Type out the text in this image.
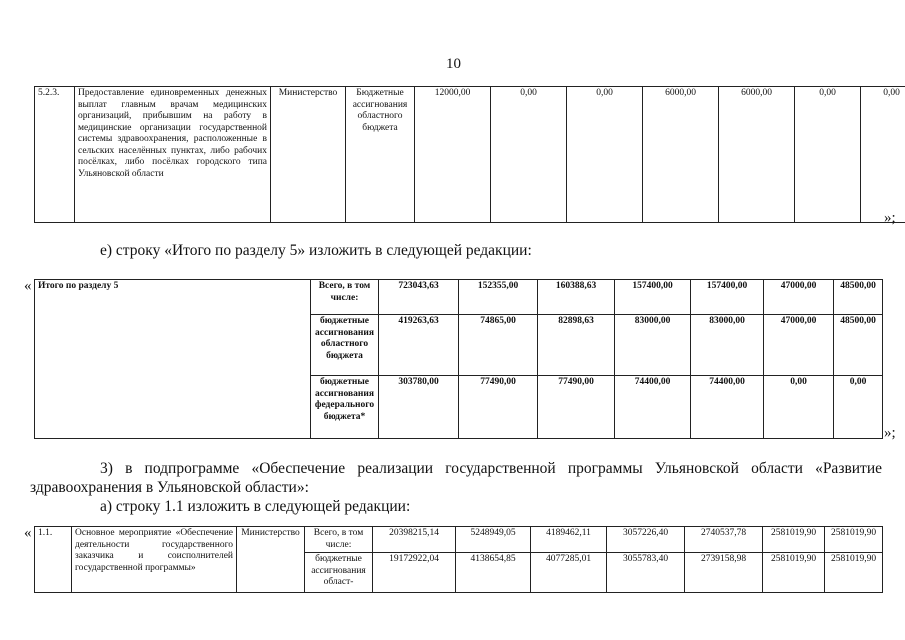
10
5.2.3.	Предоставление единовременных денежных выплат главным врачам медицинских организаций, прибывшим на работу в медицинские организации государственной системы здравоохранения, расположенные в сельских населённых пунктах, либо рабочих посёлках, либо посёлках городского типа Ульяновской области	Министерство	Бюджетные ассигнования областного бюджета	12000,00	0,00	0,00	6000,00	6000,00	0,00	0,00
»;
е) строку «Итого по разделу 5» изложить в следующей редакции:
« Итого по разделу 5	Всего, в том числе:	723043,63	152355,00	160388,63	157400,00	157400,00	47000,00	48500,00
	бюджетные ассигнования областного бюджета	419263,63	74865,00	82898,63	83000,00	83000,00	47000,00	48500,00
	бюджетные ассигнования федерального бюджета*	303780,00	77490,00	77490,00	74400,00	74400,00	0,00	0,00
»;
3) в подпрограмме «Обеспечение реализации государственной программы Ульяновской области «Развитие здравоохранения в Ульяновской области»:
а) строку 1.1 изложить в следующей редакции:
« 1.1.	Основное мероприятие «Обеспечение деятельности государственного заказчика и соисполнителей государственной программы»	Министерство	Всего, в том числе:	20398215,14	5248949,05	4189462,11	3057226,40	2740537,78	2581019,90	2581019,90
			бюджетные ассигнования област-	19172922,04	4138654,85	4077285,01	3055783,40	2739158,98	2581019,90	2581019,90
